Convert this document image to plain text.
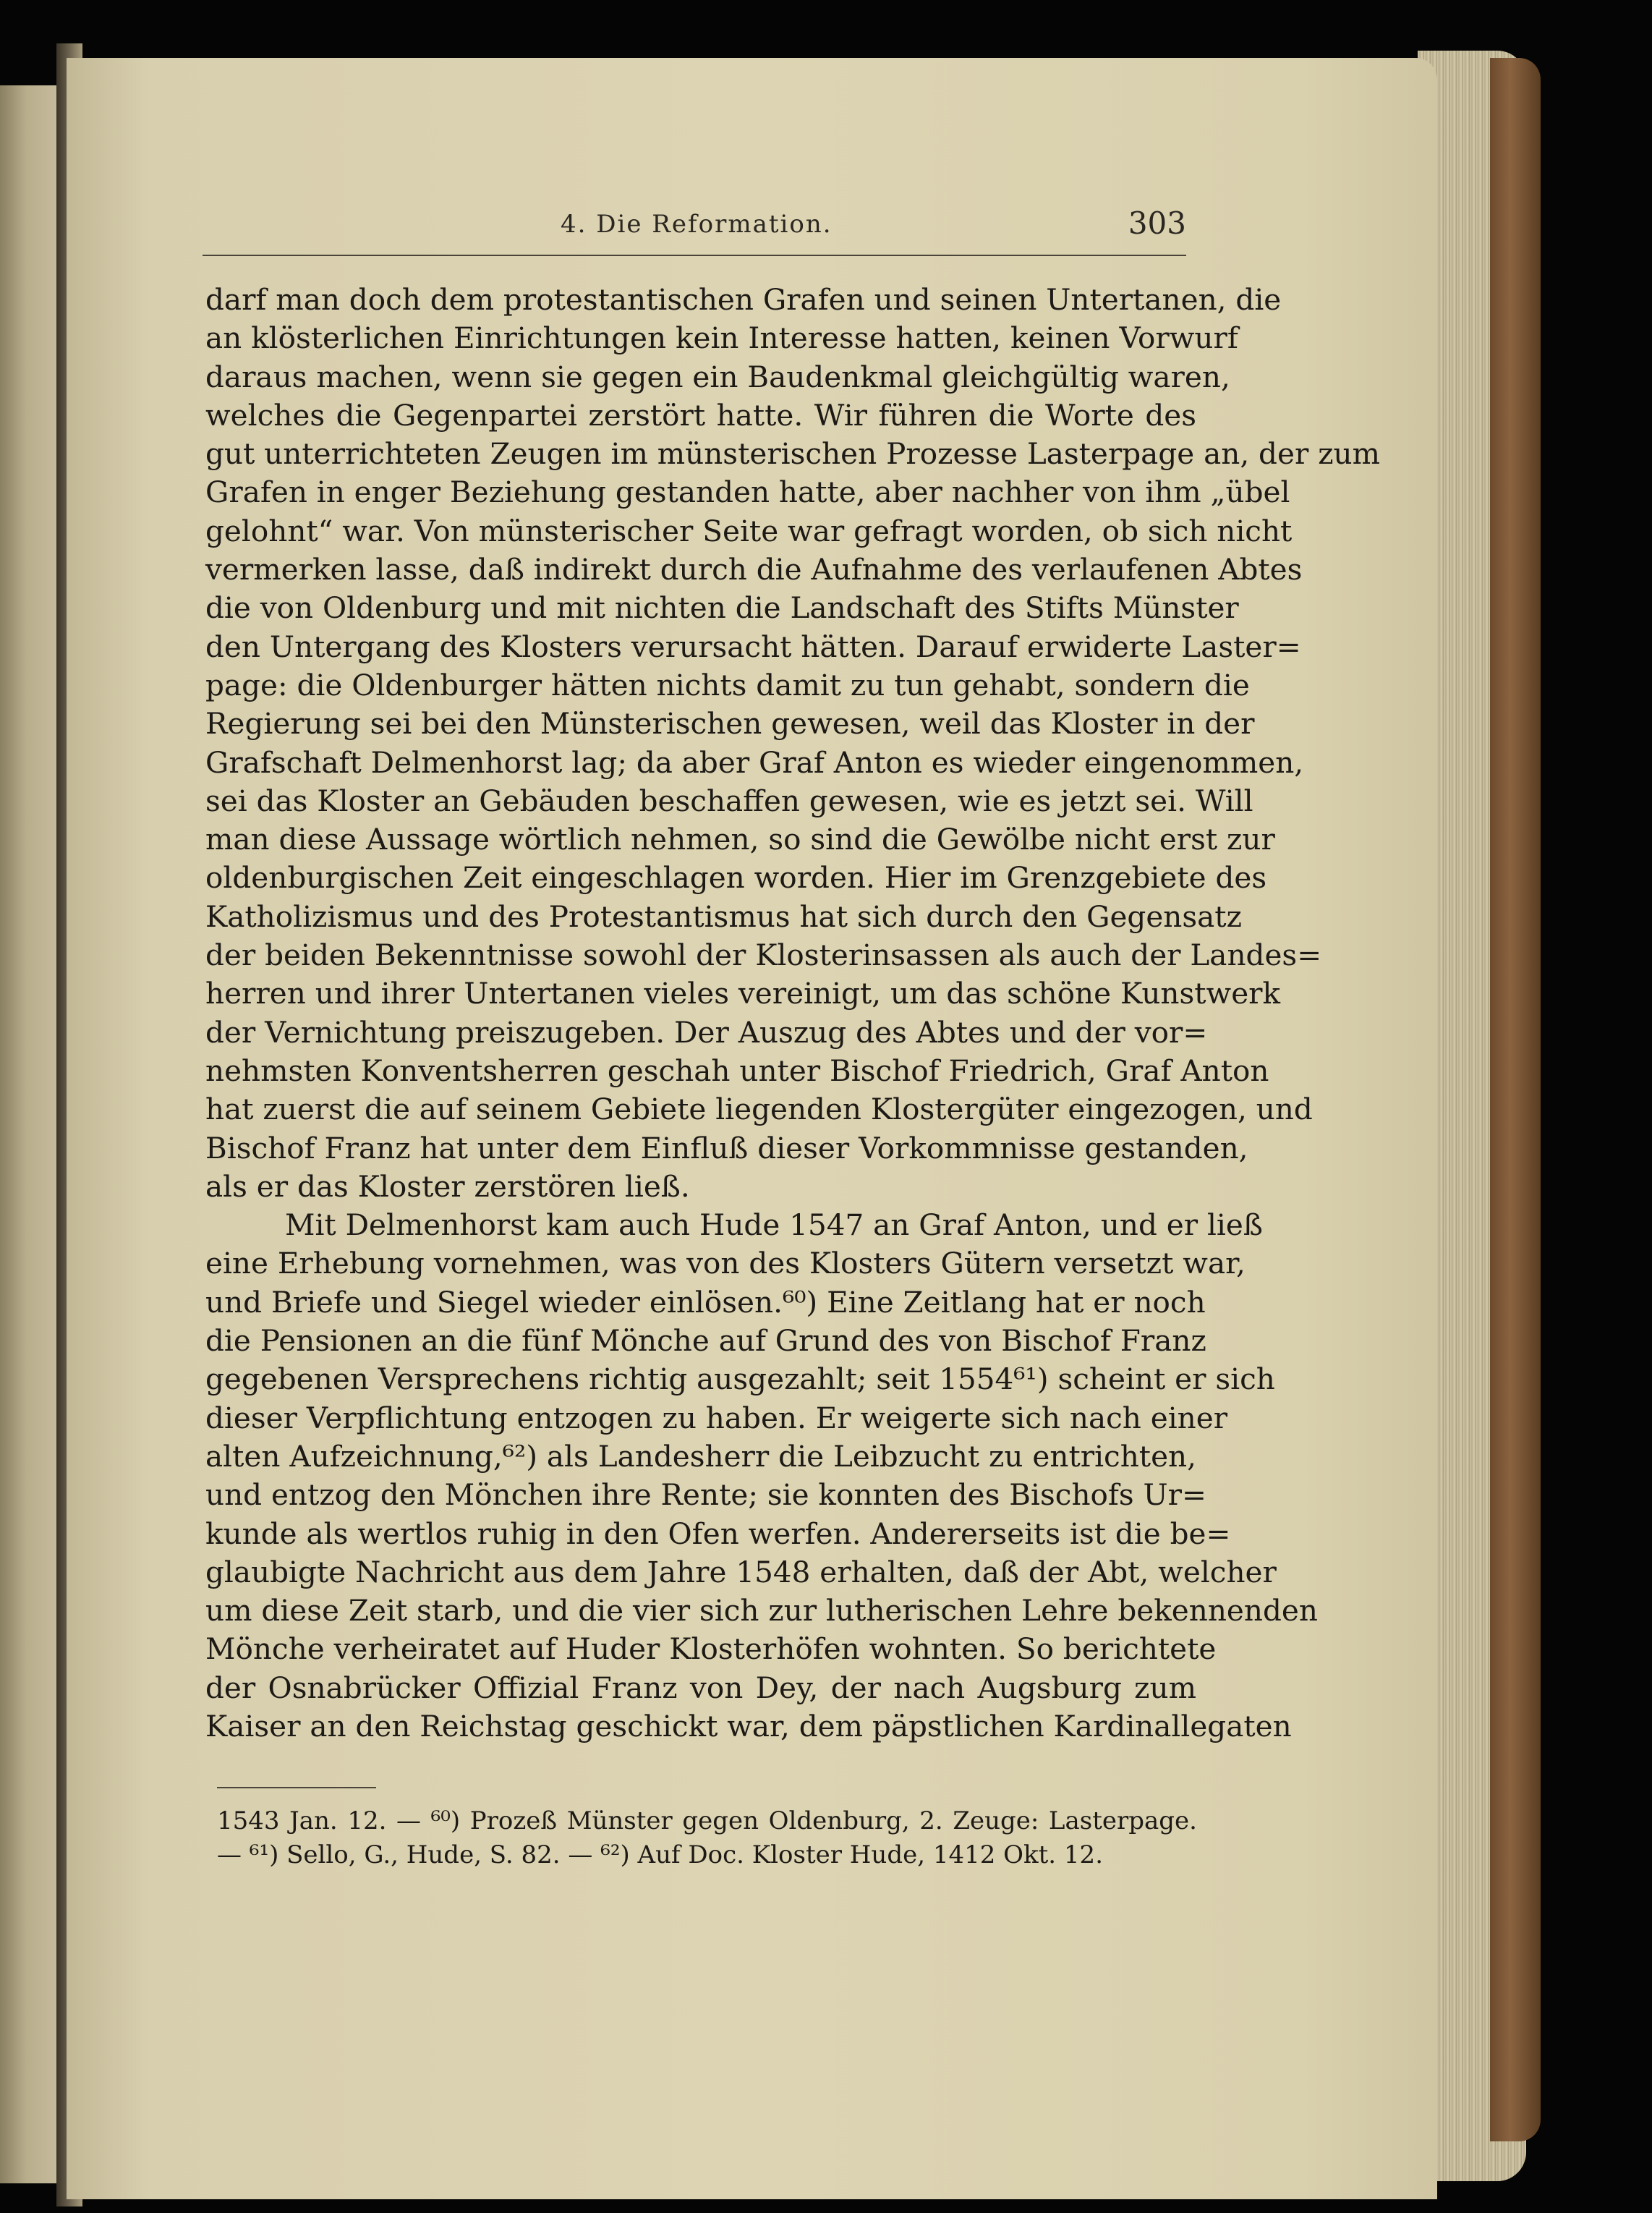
4. Die Reformation.	303

darf man doch dem protestantischen Grafen und seinen Untertanen, die
an klösterlichen Einrichtungen kein Interesse hatten, keinen Vorwurf
daraus machen, wenn sie gegen ein Baudenkmal gleichgültig waren,
welches die Gegenpartei zerstört hatte. Wir führen die Worte des
gut unterrichteten Zeugen im münsterischen Prozesse Lasterpage an, der zum
Grafen in enger Beziehung gestanden hatte, aber nachher von ihm „übel
gelohnt“ war. Von münsterischer Seite war gefragt worden, ob sich nicht
vermerken lasse, daß indirekt durch die Aufnahme des verlaufenen Abtes
die von Oldenburg und mit nichten die Landschaft des Stifts Münster
den Untergang des Klosters verursacht hätten. Darauf erwiderte Laster=
page: die Oldenburger hätten nichts damit zu tun gehabt, sondern die
Regierung sei bei den Münsterischen gewesen, weil das Kloster in der
Grafschaft Delmenhorst lag; da aber Graf Anton es wieder eingenommen,
sei das Kloster an Gebäuden beschaffen gewesen, wie es jetzt sei. Will
man diese Aussage wörtlich nehmen, so sind die Gewölbe nicht erst zur
oldenburgischen Zeit eingeschlagen worden. Hier im Grenzgebiete des
Katholizismus und des Protestantismus hat sich durch den Gegensatz
der beiden Bekenntnisse sowohl der Klosterinsassen als auch der Landes=
herren und ihrer Untertanen vieles vereinigt, um das schöne Kunstwerk
der Vernichtung preiszugeben. Der Auszug des Abtes und der vor=
nehmsten Konventsherren geschah unter Bischof Friedrich, Graf Anton
hat zuerst die auf seinem Gebiete liegenden Klostergüter eingezogen, und
Bischof Franz hat unter dem Einfluß dieser Vorkommnisse gestanden,
als er das Kloster zerstören ließ.

Mit Delmenhorst kam auch Hude 1547 an Graf Anton, und er ließ
eine Erhebung vornehmen, was von des Klosters Gütern versetzt war,
und Briefe und Siegel wieder einlösen.⁶⁰) Eine Zeitlang hat er noch
die Pensionen an die fünf Mönche auf Grund des von Bischof Franz
gegebenen Versprechens richtig ausgezahlt; seit 1554⁶¹) scheint er sich
dieser Verpflichtung entzogen zu haben. Er weigerte sich nach einer
alten Aufzeichnung,⁶²) als Landesherr die Leibzucht zu entrichten,
und entzog den Mönchen ihre Rente; sie konnten des Bischofs Ur=
kunde als wertlos ruhig in den Ofen werfen. Andererseits ist die be=
glaubigte Nachricht aus dem Jahre 1548 erhalten, daß der Abt, welcher
um diese Zeit starb, und die vier sich zur lutherischen Lehre bekennenden
Mönche verheiratet auf Huder Klosterhöfen wohnten. So berichtete
der Osnabrücker Offizial Franz von Dey, der nach Augsburg zum
Kaiser an den Reichstag geschickt war, dem päpstlichen Kardinallegaten

1543 Jan. 12. — ⁶⁰) Prozeß Münster gegen Oldenburg, 2. Zeuge: Lasterpage.
— ⁶¹) Sello, G., Hude, S. 82. — ⁶²) Auf Doc. Kloster Hude, 1412 Okt. 12.
